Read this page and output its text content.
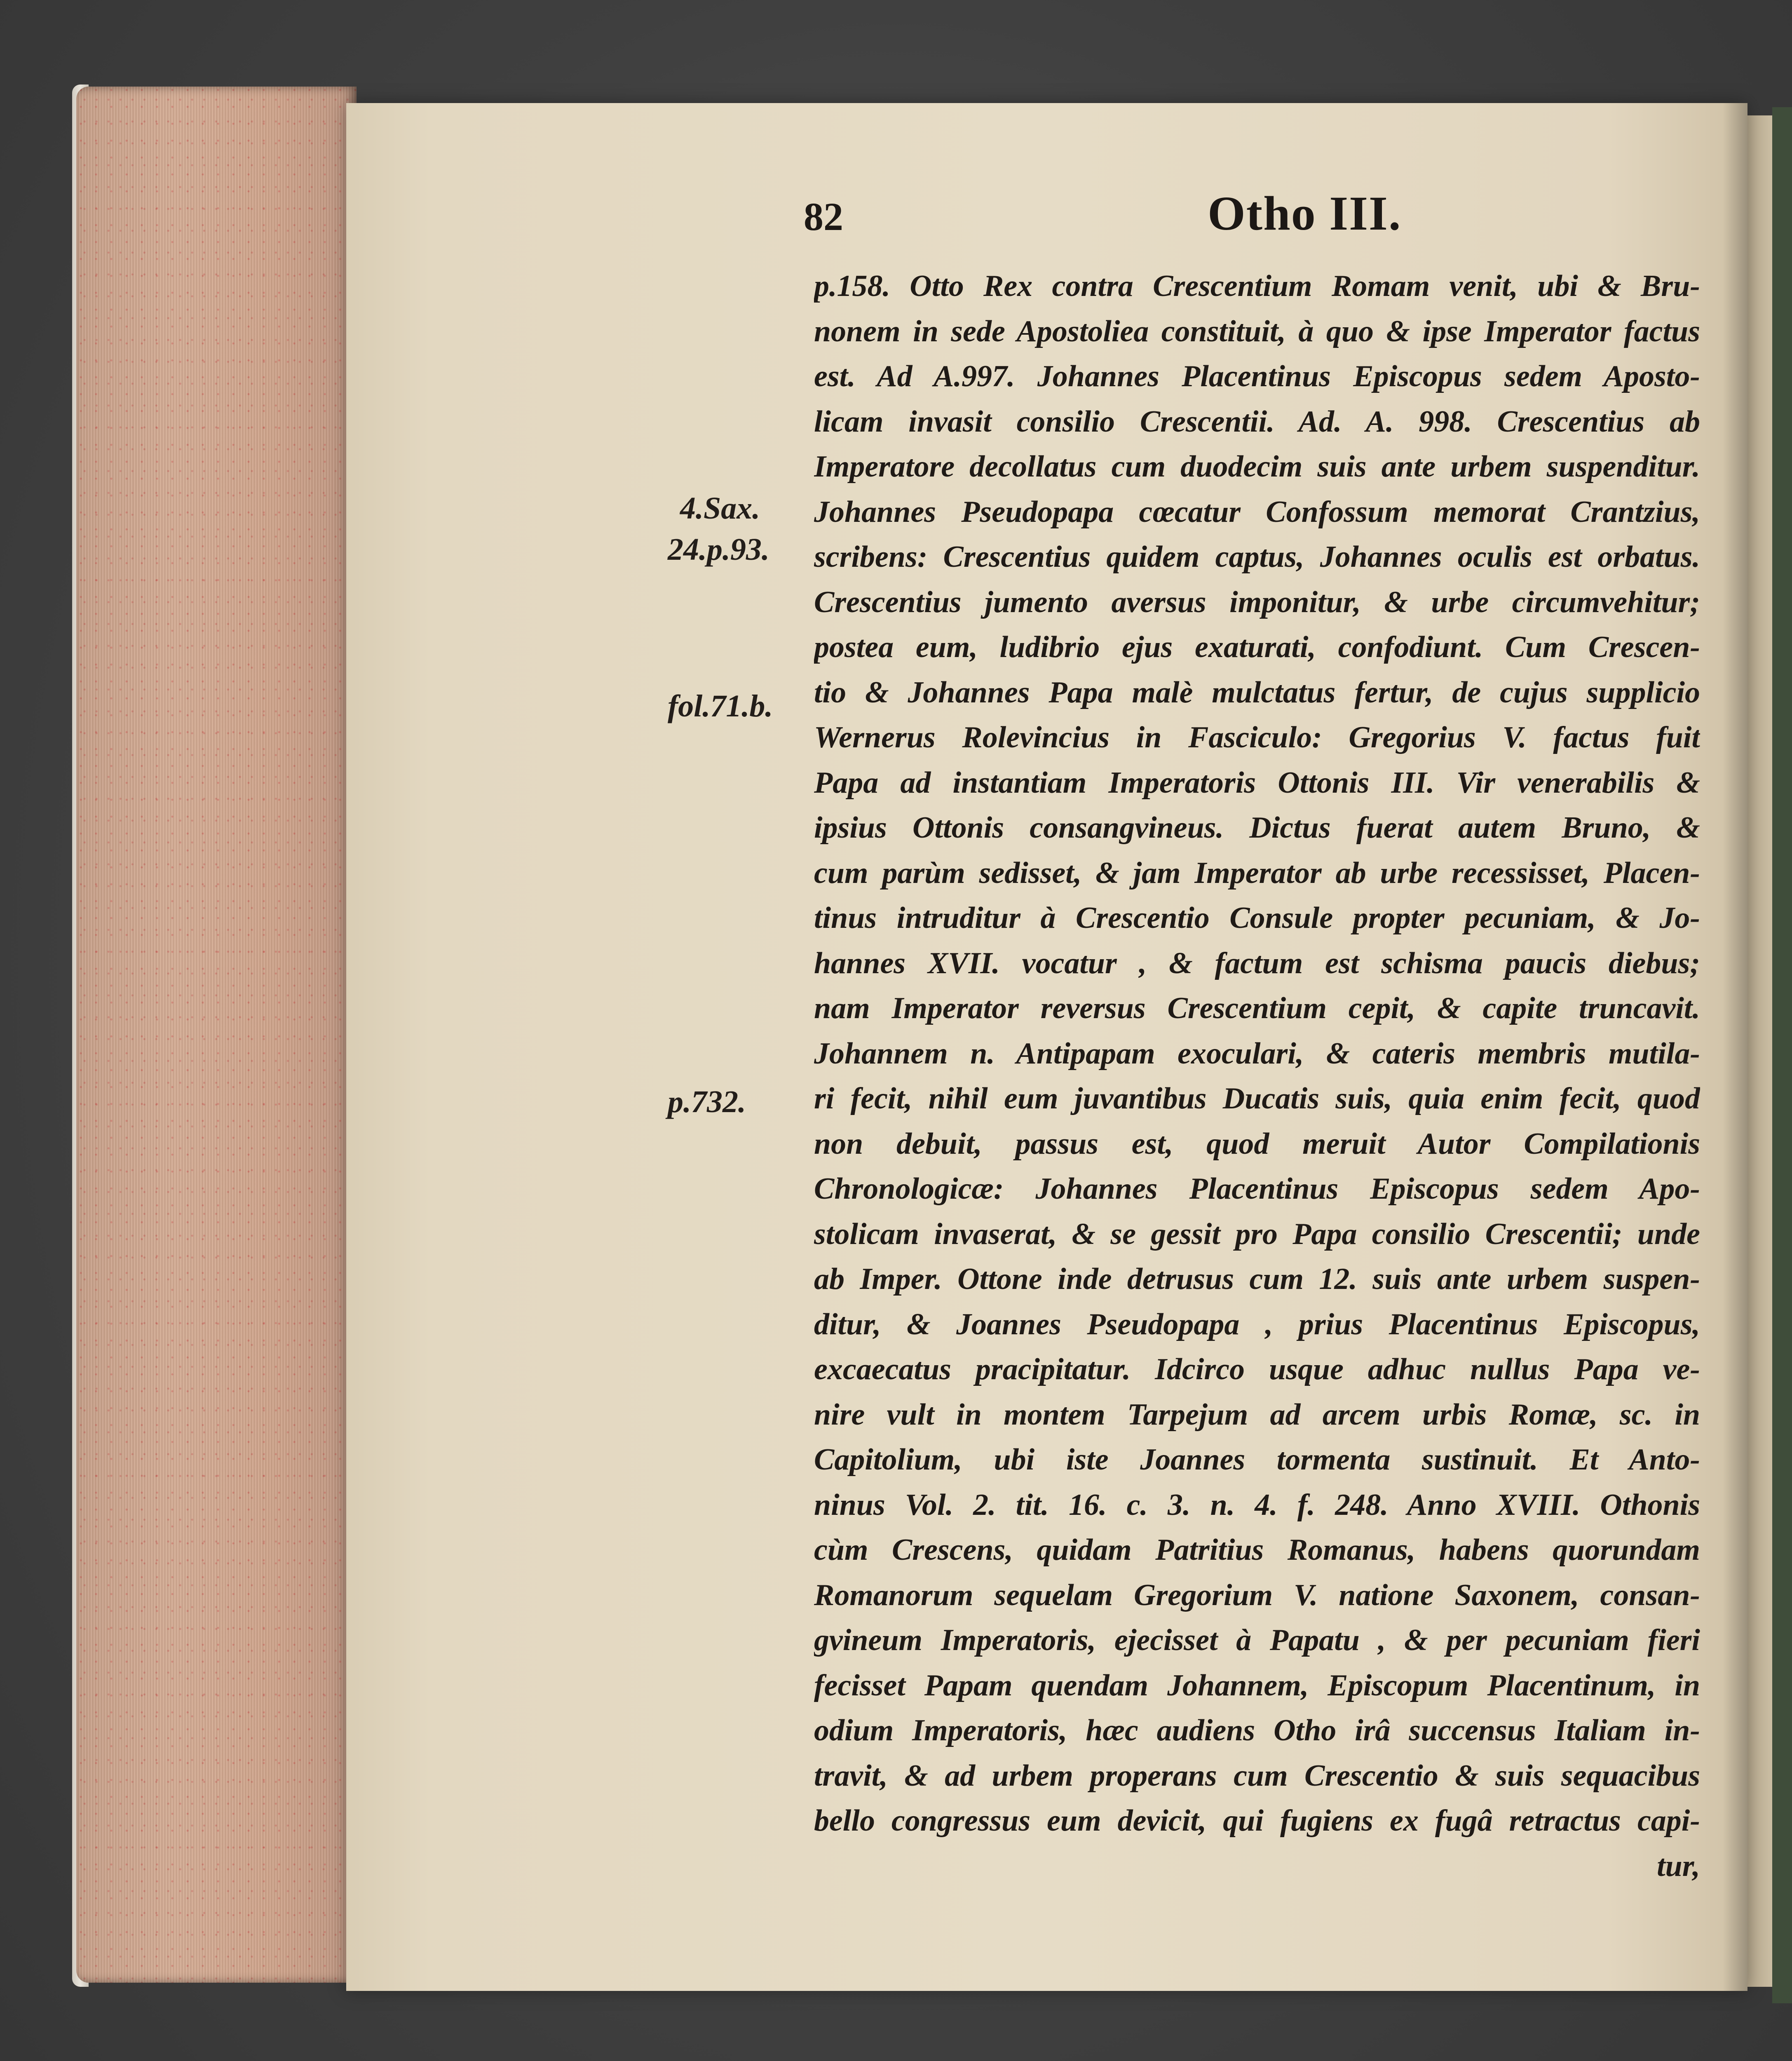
82	Otho III.
4.Sax.
24.p.93.
fol.71.b.
p.732.
p.158. Otto Rex contra Crescentium Romam venit, ubi & Bru-
nonem in sede Apostoliea constituit, à quo & ipse Imperator factus
est. Ad A.997. Johannes Placentinus Episcopus sedem Aposto-
licam invasit consilio Crescentii. Ad. A. 998. Crescentius ab
Imperatore decollatus cum duodecim suis ante urbem suspenditur.
Johannes Pseudopapa cœcatur Confossum memorat Crantzius,
scribens: Crescentius quidem captus, Johannes oculis est orbatus.
Crescentius jumento aversus imponitur, & urbe circumvehitur;
postea eum, ludibrio ejus exaturati, confodiunt. Cum Crescen-
tio & Johannes Papa malè mulctatus fertur, de cujus supplicio
Wernerus Rolevincius in Fasciculo: Gregorius V. factus fuit
Papa ad instantiam Imperatoris Ottonis III. Vir venerabilis &
ipsius Ottonis consangvineus. Dictus fuerat autem Bruno, &
cum parùm sedisset, & jam Imperator ab urbe recessisset, Placen-
tinus intruditur à Crescentio Consule propter pecuniam, & Jo-
hannes XVII. vocatur , & factum est schisma paucis diebus;
nam Imperator reversus Crescentium cepit, & capite truncavit.
Johannem n. Antipapam exoculari, & cateris membris mutila-
ri fecit, nihil eum juvantibus Ducatis suis, quia enim fecit, quod
non debuit, passus est, quod meruit Autor Compilationis
Chronologicæ: Johannes Placentinus Episcopus sedem Apo-
stolicam invaserat, & se gessit pro Papa consilio Crescentii; unde
ab Imper. Ottone inde detrusus cum 12. suis ante urbem suspen-
ditur, & Joannes Pseudopapa , prius Placentinus Episcopus,
excaecatus pracipitatur. Idcirco usque adhuc nullus Papa ve-
nire vult in montem Tarpejum ad arcem urbis Romæ, sc. in
Capitolium, ubi iste Joannes tormenta sustinuit. Et Anto-
ninus Vol. 2. tit. 16. c. 3. n. 4. f. 248. Anno XVIII. Othonis
cùm Crescens, quidam Patritius Romanus, habens quorundam
Romanorum sequelam Gregorium V. natione Saxonem, consan-
gvineum Imperatoris, ejecisset à Papatu , & per pecuniam fieri
fecisset Papam quendam Johannem, Episcopum Placentinum, in
odium Imperatoris, hæc audiens Otho irâ succensus Italiam in-
travit, & ad urbem properans cum Crescentio & suis sequacibus
bello congressus eum devicit, qui fugiens ex fugâ retractus capi-
tur,
